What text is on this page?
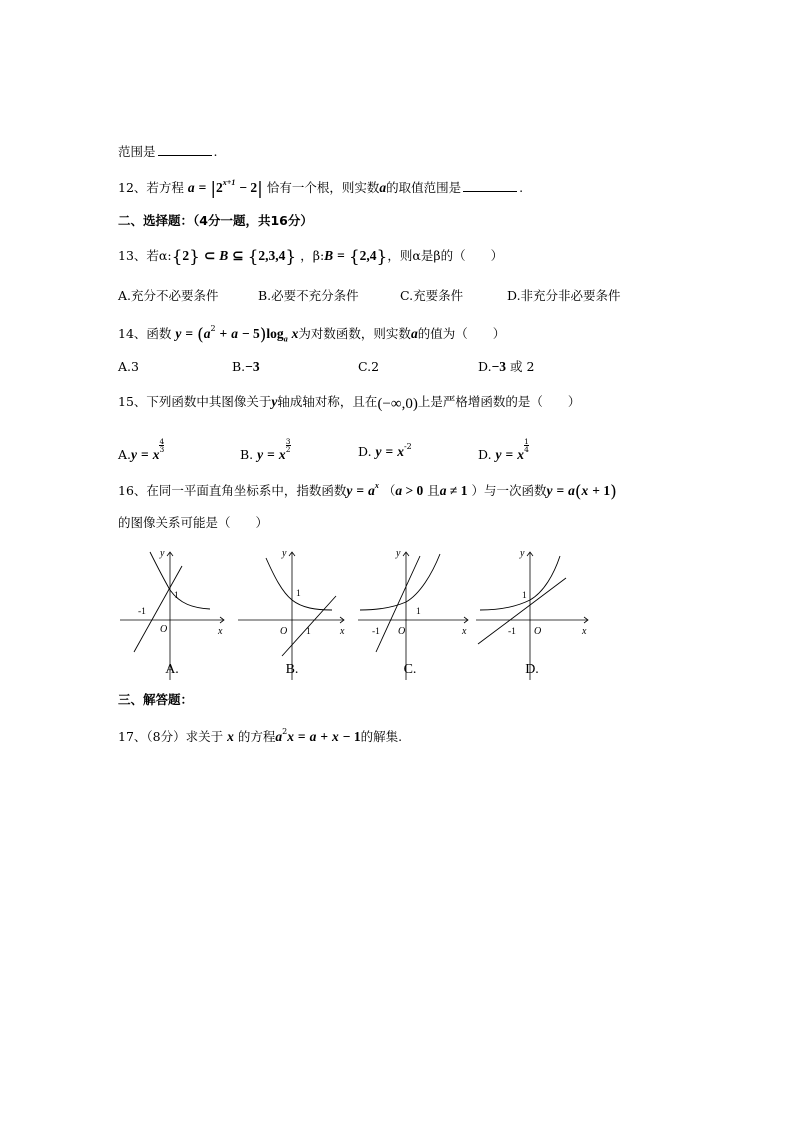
范围是	.
12、若方程 $a = |2^{x+1} - 2|$ 恰有一个根，则实数a的取值范围是	.
二、选择题：（4分一题，共16分）
13、若α:{2} ⊂ B ⊆ {2,3,4} ，β:B = {2,4}，则α是β的（　　）
A.充分不必要条件	B.必要不充分条件	C.充要条件	D.非充分非必要条件
14、函数 $y = (a^2 + a - 5)\log_a$ x为对数函数，则实数a的值为（　　）
A.3	B.−3	C.2	D.−3 或 2
15、下列函数中其图像关于y轴成轴对称，且在(−∞,0)上是严格增函数的是（　　）
A.y = x
$\frac{4}{3}$
B. y = x
$\frac{3}{2}$	D. $y = x^{-2}$
D. y = x
$\frac{1}{4}$
16、在同一平面直角坐标系中，指数函数$y = a^x$ （a > 0 且a ≠ 1 ）与一次函数y = a(x + 1)
的图像关系可能是（　　）
y
x
O
1
-1
y
x
O
1
1
y
x
O
1
-1
y
x
O
1
-1
A.	B.	C.	D.
三、解答题：
17、（8分）求关于 x 的方程$a^2x = a + x - 1$的解集.
